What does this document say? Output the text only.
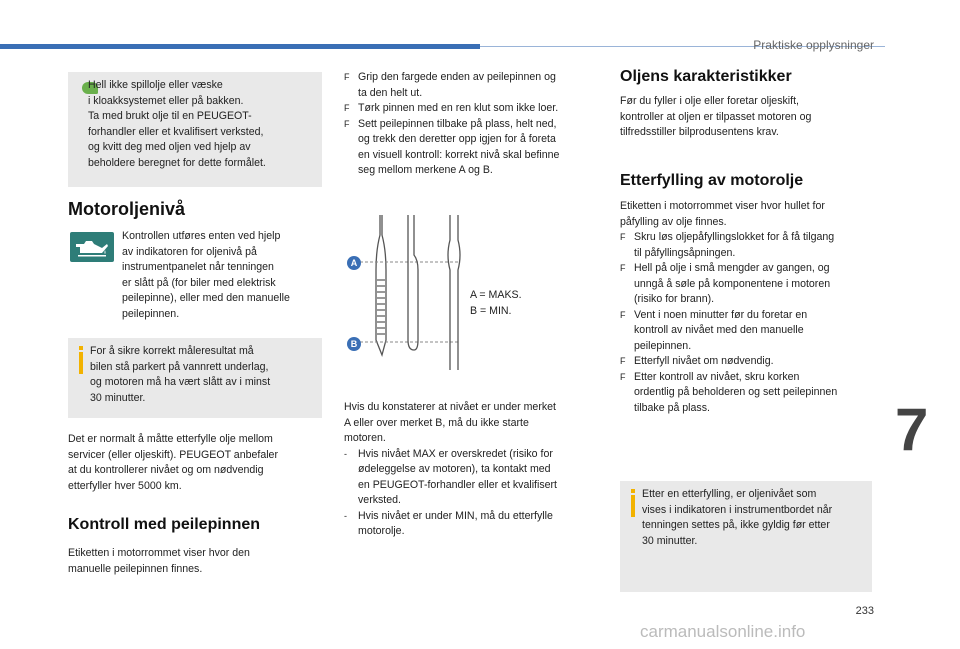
Praktiske opplysninger
Hell ikke spillolje eller væske
i kloakksystemet eller på bakken.
Ta med brukt olje til en PEUGEOT-
forhandler eller et kvalifisert verksted,
og kvitt deg med oljen ved hjelp av
beholdere beregnet for dette formålet.
Motoroljenivå
Kontrollen utføres enten ved hjelp
av indikatoren for oljenivå på
instrumentpanelet når tenningen
er slått på (for biler med elektrisk
peilepinne), eller med den manuelle
peilepinnen.
For å sikre korrekt måleresultat må
bilen stå parkert på vannrett underlag,
og motoren må ha vært slått av i minst
30 minutter.
Det er normalt å måtte etterfylle olje mellom
servicer (eller oljeskift). PEUGEOT anbefaler
at du kontrollerer nivået og om nødvendig
etterfyller hver 5000 km.
Kontroll med peilepinnen
Etiketten i motorrommet viser hvor den
manuelle peilepinnen finnes.
F Grip den fargede enden av peilepinnen og
ta den helt ut.
F Tørk pinnen med en ren klut som ikke loer.
F Sett peilepinnen tilbake på plass, helt ned,
og trekk den deretter opp igjen for å foreta
en visuell kontroll: korrekt nivå skal befinne
seg mellom merkene A og B.
A
B
A = MAKS.
B = MIN.
Hvis du konstaterer at nivået er under merket
A eller over merket B, må du ikke starte
motoren.
-	Hvis nivået MAX er overskredet (risiko for
ødeleggelse av motoren), ta kontakt med
en PEUGEOT-forhandler eller et kvalifisert
verksted.
-	Hvis nivået er under MIN, må du etterfylle
motorolje.
Oljens karakteristikker
Før du fyller i olje eller foretar oljeskift,
kontroller at oljen er tilpasset motoren og
tilfredsstiller bilprodusentens krav.
Etterfylling av motorolje
Etiketten i motorrommet viser hvor hullet for
påfylling av olje finnes.
F Skru løs oljepåfyllingslokket for å få tilgang
til påfyllingsåpningen.
F Hell på olje i små mengder av gangen, og
unngå å søle på komponentene i motoren
(risiko for brann).
F Vent i noen minutter før du foretar en
kontroll av nivået med den manuelle
peilepinnen.
F Etterfyll nivået om nødvendig.
F Etter kontroll av nivået, skru korken
ordentlig på beholderen og sett peilepinnen
tilbake på plass.
Etter en etterfylling, er oljenivået som
vises i indikatoren i instrumentbordet når
tenningen settes på, ikke gyldig før etter
30 minutter.
7
233
carmanualsonline.info
